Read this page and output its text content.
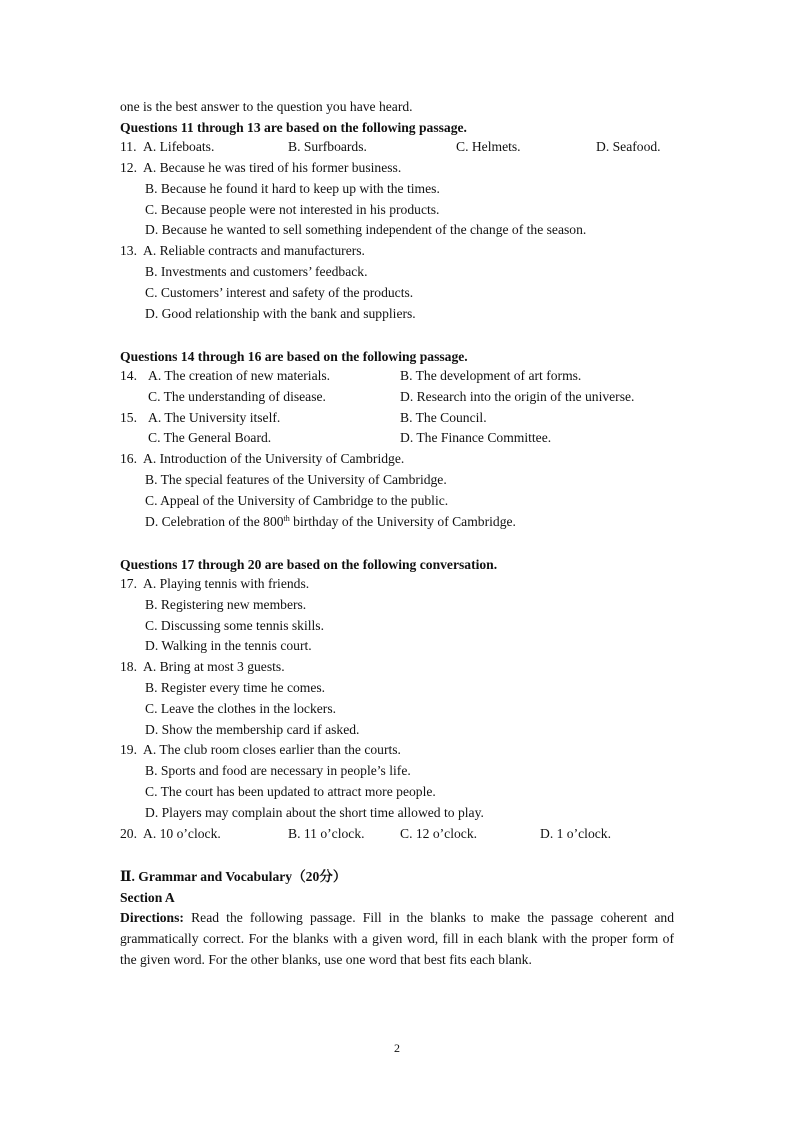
one is the best answer to the question you have heard.
Questions 11 through 13 are based on the following passage.
11. A. Lifeboats.	B. Surfboards.	C. Helmets.	D. Seafood.
12. A. Because he was tired of his former business.
B. Because he found it hard to keep up with the times.
C. Because people were not interested in his products.
D. Because he wanted to sell something independent of the change of the season.
13. A. Reliable contracts and manufacturers.
B. Investments and customers’ feedback.
C. Customers’ interest and safety of the products.
D. Good relationship with the bank and suppliers.
Questions 14 through 16 are based on the following passage.
14. A. The creation of new materials.	B. The development of art forms.
C. The understanding of disease.	D. Research into the origin of the universe.
15. A. The University itself.	B. The Council.
C. The General Board.	D. The Finance Committee.
16. A. Introduction of the University of Cambridge.
B. The special features of the University of Cambridge.
C. Appeal of the University of Cambridge to the public.
D. Celebration of the 800th birthday of the University of Cambridge.
Questions 17 through 20 are based on the following conversation.
17. A. Playing tennis with friends.
B. Registering new members.
C. Discussing some tennis skills.
D. Walking in the tennis court.
18. A. Bring at most 3 guests.
B. Register every time he comes.
C. Leave the clothes in the lockers.
D. Show the membership card if asked.
19. A. The club room closes earlier than the courts.
B. Sports and food are necessary in people’s life.
C. The court has been updated to attract more people.
D. Players may complain about the short time allowed to play.
20. A. 10 o’clock.	B. 11 o’clock.	C. 12 o’clock.	D. 1 o’clock.
Ⅱ. Grammar and Vocabulary（20分）
Section A
Directions: Read the following passage. Fill in the blanks to make the passage coherent and grammatically correct. For the blanks with a given word, fill in each blank with the proper form of the given word. For the other blanks, use one word that best fits each blank.
2
